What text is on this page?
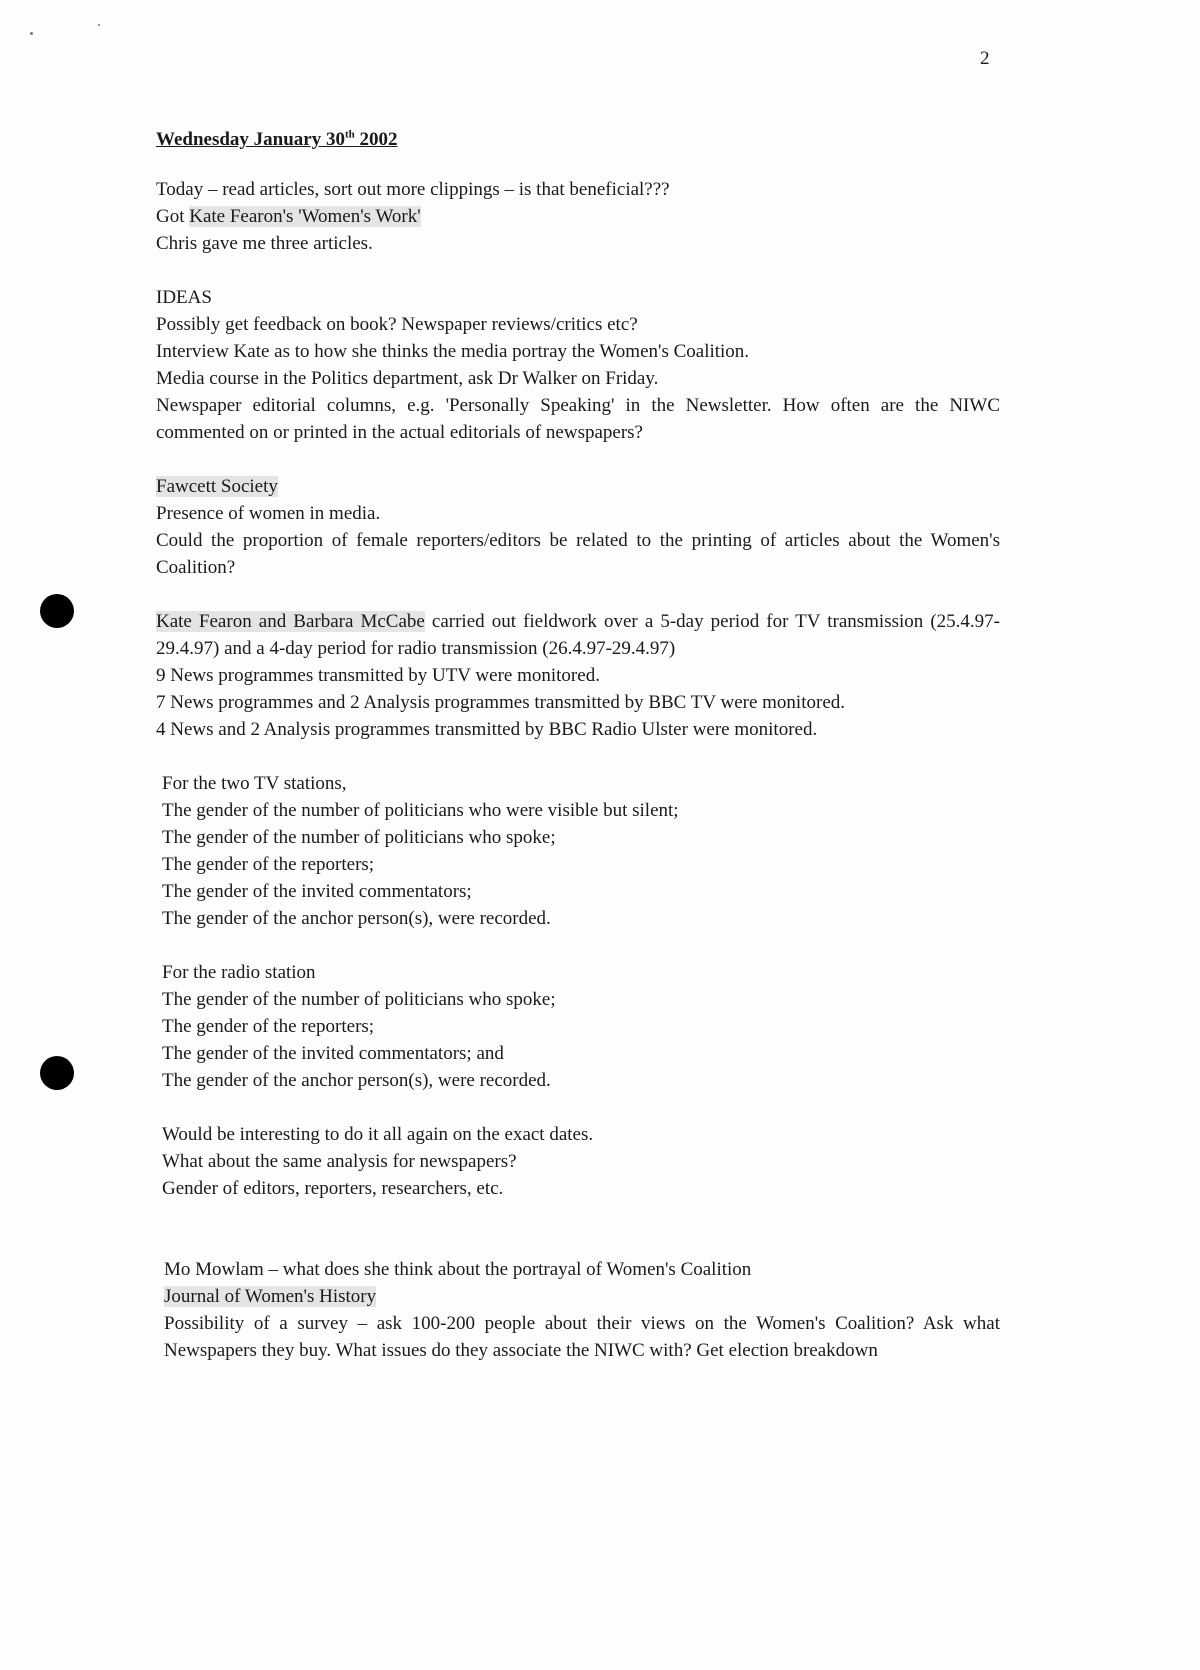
2
Wednesday January 30th 2002
Today – read articles, sort out more clippings – is that beneficial???
Got Kate Fearon's 'Women's Work'
Chris gave me three articles.
IDEAS
Possibly get feedback on book? Newspaper reviews/critics etc?
Interview Kate as to how she thinks the media portray the Women's Coalition.
Media course in the Politics department, ask Dr Walker on Friday.
Newspaper editorial columns, e.g. 'Personally Speaking' in the Newsletter. How often are the NIWC commented on or printed in the actual editorials of newspapers?
Fawcett Society
Presence of women in media.
Could the proportion of female reporters/editors be related to the printing of articles about the Women's Coalition?
Kate Fearon and Barbara McCabe carried out fieldwork over a 5-day period for TV transmission (25.4.97-29.4.97) and a 4-day period for radio transmission (26.4.97-29.4.97)
9 News programmes transmitted by UTV were monitored.
7 News programmes and 2 Analysis programmes transmitted by BBC TV were monitored.
4 News and 2 Analysis programmes transmitted by BBC Radio Ulster were monitored.
For the two TV stations,
The gender of the number of politicians who were visible but silent;
The gender of the number of politicians who spoke;
The gender of the reporters;
The gender of the invited commentators;
The gender of the anchor person(s), were recorded.
For the radio station
The gender of the number of politicians who spoke;
The gender of the reporters;
The gender of the invited commentators; and
The gender of the anchor person(s), were recorded.
Would be interesting to do it all again on the exact dates.
What about the same analysis for newspapers?
Gender of editors, reporters, researchers, etc.
Mo Mowlam – what does she think about the portrayal of Women's Coalition
Journal of Women's History
Possibility of a survey – ask 100-200 people about their views on the Women's Coalition? Ask what Newspapers they buy. What issues do they associate the NIWC with? Get election breakdown
